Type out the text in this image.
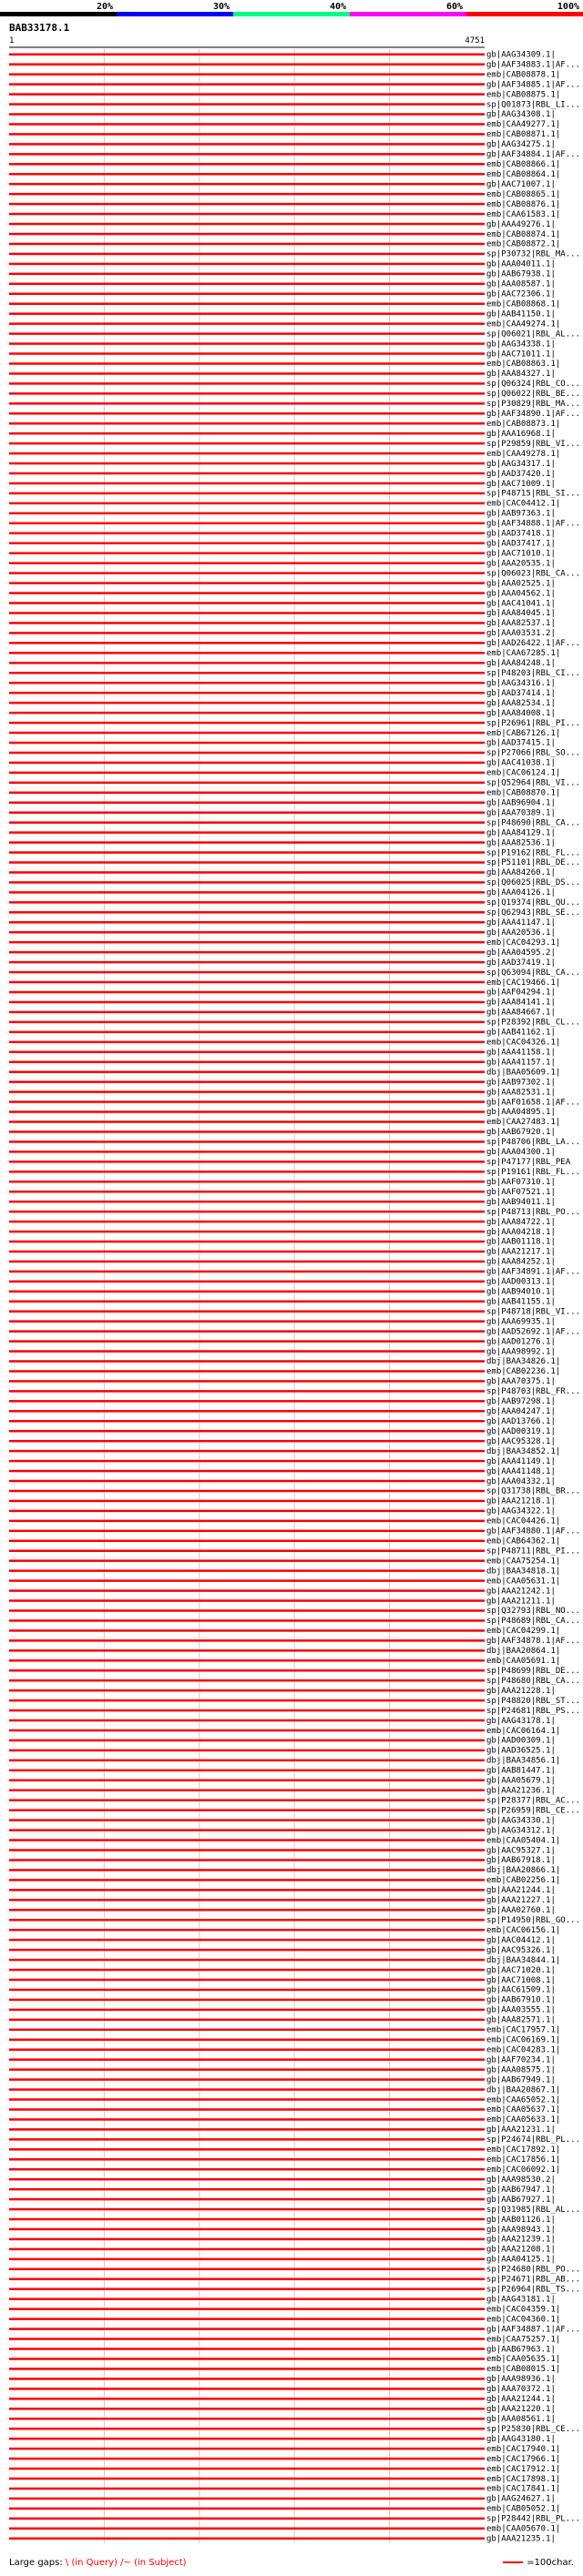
20%	30%	40%	60%	100%
BAB33178.1
1	4751
gb|AAG34309.1|
gb|AAF34883.1|AF...
emb|CAB08878.1|
gb|AAF34885.1|AF...
emb|CAB08875.1|
sp|Q01873|RBL_LI...
gb|AAG34308.1|
emb|CAA49277.1|
emb|CAB08871.1|
gb|AAG34275.1|
gb|AAF34884.1|AF...
emb|CAB08866.1|
emb|CAB08864.1|
gb|AAC71007.1|
emb|CAB08865.1|
emb|CAB08876.1|
emb|CAA61583.1|
gb|AAA49276.1|
emb|CAB08874.1|
emb|CAB08872.1|
sp|P30732|RBL_MA...
gb|AAA04011.1|
gb|AAB67938.1|
gb|AAA08587.1|
gb|AAC72306.1|
emb|CAB08868.1|
gb|AAB41150.1|
emb|CAA49274.1|
sp|Q06021|RBL_AL...
gb|AAG34338.1|
gb|AAC71011.1|
emb|CAB08863.1|
gb|AAA84327.1|
sp|Q06324|RBL_CO...
sp|Q06022|RBL_BE...
sp|P30829|RBL_MA...
gb|AAF34890.1|AF...
emb|CAB08873.1|
gb|AAA16968.1|
sp|P29859|RBL_VI...
emb|CAA49278.1|
gb|AAG34317.1|
gb|AAD37420.1|
gb|AAC71009.1|
sp|P48715|RBL_SI...
emb|CAC04412.1|
gb|AAB97363.1|
gb|AAF34888.1|AF...
gb|AAD37418.1|
gb|AAD37417.1|
gb|AAC71010.1|
gb|AAA20535.1|
sp|Q06023|RBL_CA...
gb|AAA02525.1|
gb|AAA04562.1|
gb|AAC41041.1|
gb|AAA84045.1|
gb|AAA82537.1|
gb|AAA03531.2|
gb|AAD26422.1|AF...
emb|CAA67285.1|
gb|AAA84248.1|
sp|P48203|RBL_CI...
gb|AAG34316.1|
gb|AAD37414.1|
gb|AAA82534.1|
gb|AAA84008.1|
sp|P26961|RBL_PI...
emb|CAB67126.1|
gb|AAD37415.1|
sp|P27066|RBL_SO...
gb|AAC41038.1|
emb|CAC06124.1|
sp|Q52964|RBL_VI...
emb|CAB08870.1|
gb|AAB96904.1|
gb|AAA70389.1|
sp|P48690|RBL_CA...
gb|AAA84129.1|
gb|AAA82536.1|
sp|P19162|RBL_FL...
sp|P51101|RBL_DE...
gb|AAA84260.1|
sp|Q06025|RBL_DS...
gb|AAA04126.1|
sp|Q19374|RBL_QU...
sp|Q62943|RBL_SE...
gb|AAA41147.1|
gb|AAA20536.1|
emb|CAC04293.1|
gb|AAA04595.2|
gb|AAD37419.1|
sp|Q63094|RBL_CA...
emb|CAC19466.1|
gb|AAF04294.1|
gb|AAA84141.1|
gb|AAA84667.1|
sp|P28392|RBL_CL...
gb|AAB41162.1|
emb|CAC04326.1|
gb|AAA41158.1|
gb|AAA41157.1|
dbj|BAA05609.1|
gb|AAB97302.1|
gb|AAA82531.1|
gb|AAF01658.1|AF...
gb|AAA04895.1|
emb|CAA27483.1|
gb|AAB67920.1|
sp|P48706|RBL_LA...
gb|AAA04300.1|
sp|P47177|RBL_PEA
sp|P19161|RBL_FL...
gb|AAF07310.1|
gb|AAF07521.1|
gb|AAB94011.1|
sp|P48713|RBL_PO...
gb|AAA84722.1|
gb|AAA04218.1|
gb|AAB01118.1|
gb|AAA21217.1|
gb|AAA84252.1|
gb|AAF34891.1|AF...
gb|AAD00313.1|
gb|AAB94010.1|
gb|AAB41155.1|
sp|P48718|RBL_VI...
gb|AAA69935.1|
gb|AAD52692.1|AF...
gb|AAD01276.1|
gb|AAA98992.1|
dbj|BAA34826.1|
emb|CAB02236.1|
gb|AAA70375.1|
sp|P48703|RBL_FR...
gb|AAB97298.1|
gb|AAA04247.1|
gb|AAD13766.1|
gb|AAD00319.1|
gb|AAC95328.1|
dbj|BAA34852.1|
gb|AAA41149.1|
gb|AAA41148.1|
gb|AAA04332.1|
sp|Q31738|RBL_BR...
gb|AAA21218.1|
gb|AAG34322.1|
emb|CAC04426.1|
gb|AAF34880.1|AF...
emb|CAB64362.1|
sp|P48711|RBL_PI...
emb|CAA75254.1|
dbj|BAA34818.1|
emb|CAA05631.1|
gb|AAA21242.1|
gb|AAA21211.1|
sp|Q32793|RBL_NO...
sp|P48689|RBL_CA...
emb|CAC04299.1|
gb|AAF34878.1|AF...
dbj|BAA20864.1|
emb|CAA05691.1|
sp|P48699|RBL_DE...
sp|P48680|RBL_CA...
gb|AAA21228.1|
sp|P48820|RBL_ST...
sp|P24681|RBL_PS...
gb|AAG43178.1|
emb|CAC06164.1|
gb|AAD00309.1|
gb|AAD36525.1|
dbj|BAA34856.1|
gb|AAB81447.1|
gb|AAA05679.1|
gb|AAA21236.1|
sp|P28377|RBL_AC...
sp|P26959|RBL_CE...
gb|AAG34330.1|
gb|AAG34312.1|
emb|CAA05404.1|
gb|AAC95327.1|
gb|AAB67918.1|
dbj|BAA20866.1|
emb|CAB02256.1|
gb|AAA21244.1|
gb|AAA21227.1|
gb|AAA02760.1|
sp|P14950|RBL_GO...
emb|CAC06156.1|
gb|AAC04412.1|
gb|AAC95326.1|
dbj|BAA34844.1|
gb|AAC71020.1|
gb|AAC71008.1|
gb|AAC61509.1|
gb|AAB67910.1|
gb|AAA03555.1|
gb|AAA82571.1|
emb|CAC17957.1|
emb|CAC06169.1|
emb|CAC04283.1|
gb|AAF70234.1|
gb|AAA08575.1|
gb|AAB67949.1|
dbj|BAA20867.1|
emb|CAA65052.1|
emb|CAA05637.1|
emb|CAA05633.1|
gb|AAA21231.1|
sp|P24674|RBL_PL...
emb|CAC17892.1|
emb|CAC17856.1|
emb|CAC06092.1|
gb|AAA98530.2|
gb|AAB67947.1|
gb|AAB67927.1|
sp|Q31985|RBL_AL...
gb|AAB01126.1|
gb|AAA98943.1|
gb|AAA21239.1|
gb|AAA21208.1|
gb|AAA04125.1|
sp|P24680|RBL_PO...
sp|P24671|RBL_AB...
sp|P26964|RBL_TS...
gb|AAG43181.1|
emb|CAC04359.1|
emb|CAC04360.1|
gb|AAF34887.1|AF...
emb|CAA75257.1|
gb|AAB67963.1|
emb|CAA05635.1|
emb|CAB08015.1|
gb|AAA98936.1|
gb|AAA70372.1|
gb|AAA21244.1|
gb|AAA21220.1|
gb|AAA08561.1|
sp|P25830|RBL_CE...
gb|AAG43180.1|
emb|CAC17940.1|
emb|CAC17966.1|
emb|CAC17912.1|
emb|CAC17898.1|
emb|CAC17841.1|
gb|AAG24627.1|
emb|CAB05052.1|
sp|P28442|RBL_PL...
emb|CAA05670.1|
gb|AAA21235.1|
Large gaps: \ (in Query) /~ (in Subject)	=100char.
